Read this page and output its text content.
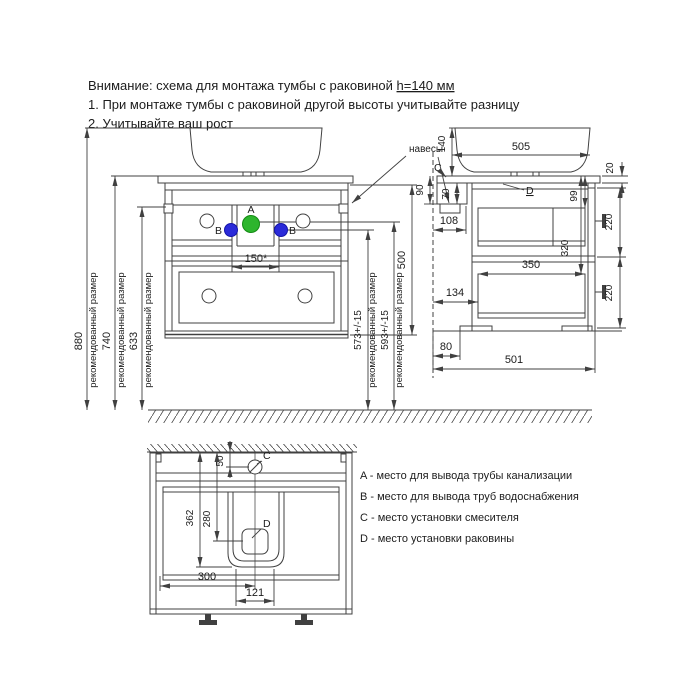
Внимание: схема для монтажа тумбы с раковиной h=140 мм
1. При монтаже тумбы с раковиной другой высоты учитывайте разницу
2. Учитывайте ваш рост
A
B	B
150*
880 рекомендованный размер 740 рекомендованный размер 633 рекомендованный размер	573+/-15 рекомендованный размер 593+/-15 рекомендованный размер
500
навесы
C
D
140	505
90 70
108
99
320
350
134
80
501
220
220
20
C
D
50
362 280
300
121
A - место для вывода трубы канализации
B - место для вывода труб водоснабжения
C - место установки смесителя
D - место установки раковины
